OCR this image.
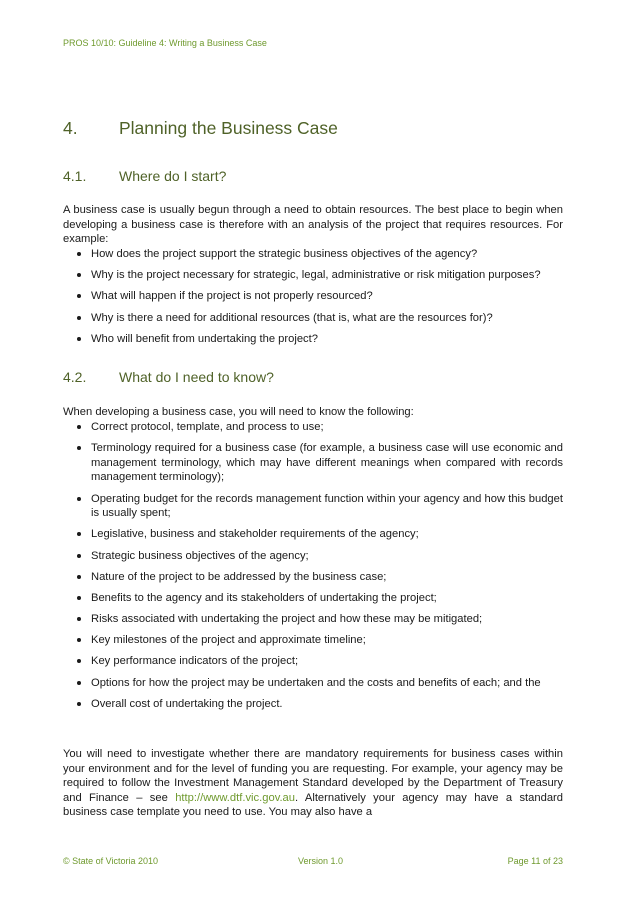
PROS 10/10: Guideline 4: Writing a Business Case
4. Planning the Business Case
4.1. Where do I start?
A business case is usually begun through a need to obtain resources. The best place to begin when developing a business case is therefore with an analysis of the project that requires resources. For example:
How does the project support the strategic business objectives of the agency?
Why is the project necessary for strategic, legal, administrative or risk mitigation purposes?
What will happen if the project is not properly resourced?
Why is there a need for additional resources (that is, what are the resources for)?
Who will benefit from undertaking the project?
4.2. What do I need to know?
When developing a business case, you will need to know the following:
Correct protocol, template, and process to use;
Terminology required for a business case (for example, a business case will use economic and management terminology, which may have different meanings when compared with records management terminology);
Operating budget for the records management function within your agency and how this budget is usually spent;
Legislative, business and stakeholder requirements of the agency;
Strategic business objectives of the agency;
Nature of the project to be addressed by the business case;
Benefits to the agency and its stakeholders of undertaking the project;
Risks associated with undertaking the project and how these may be mitigated;
Key milestones of the project and approximate timeline;
Key performance indicators of the project;
Options for how the project may be undertaken and the costs and benefits of each; and the
Overall cost of undertaking the project.
You will need to investigate whether there are mandatory requirements for business cases within your environment and for the level of funding you are requesting. For example, your agency may be required to follow the Investment Management Standard developed by the Department of Treasury and Finance – see http://www.dtf.vic.gov.au. Alternatively your agency may have a standard business case template you need to use. You may also have a
© State of Victoria 2010	Version 1.0	Page 11 of 23
